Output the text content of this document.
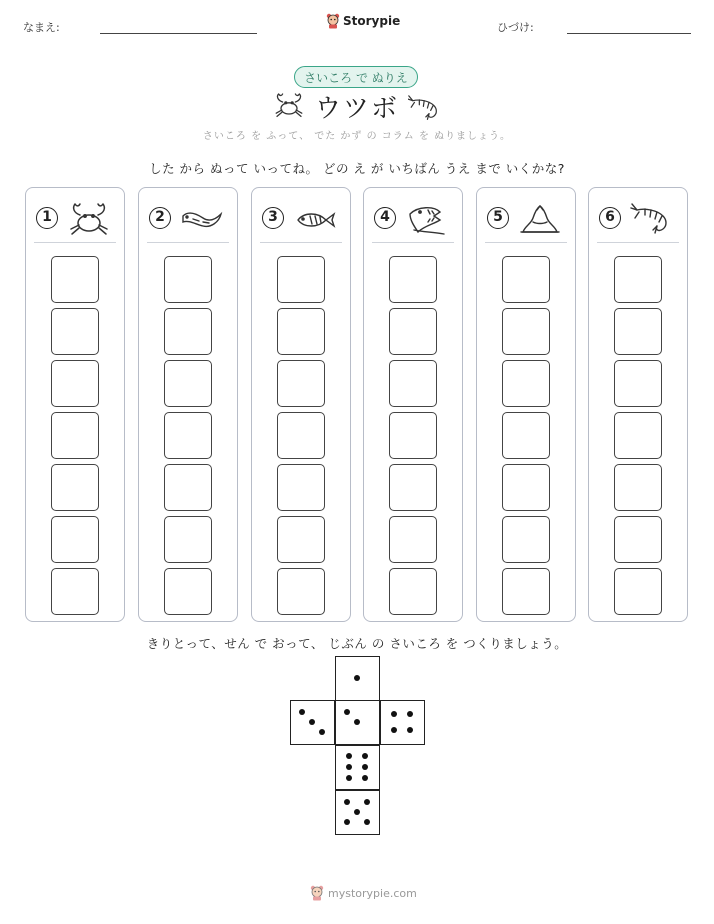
なまえ:	Storypie	ひづけ:
さいころ で ぬりえ
ウツボ
さいころ を ふって、 でた かず の コラム を ぬりましょう。
した から ぬって いってね。 どの え が いちばん うえ まで いくかな?
1	2	3	4	5	6
きりとって、せん で おって、 じぶん の さいころ を つくりましょう。
mystorypie.com
